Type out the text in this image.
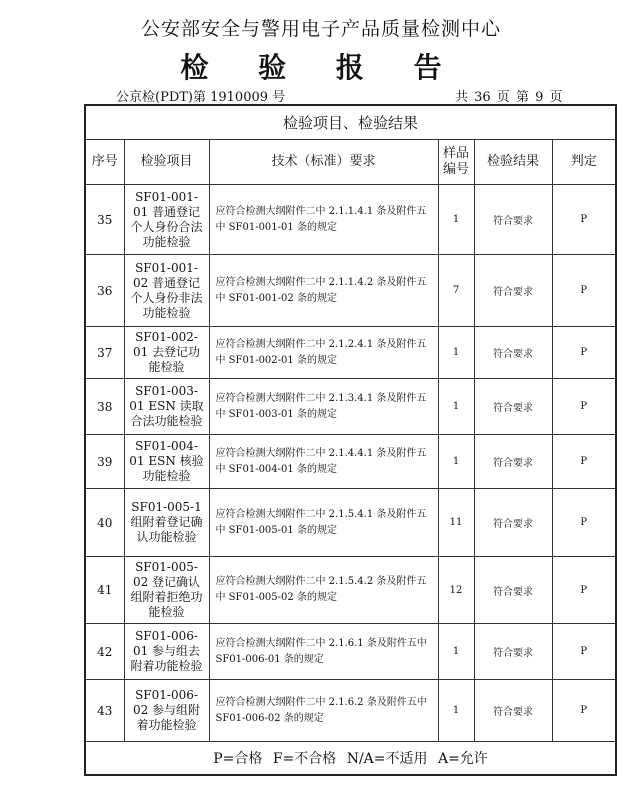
公安部安全与警用电子产品质量检测中心
检 验 报 告
公京检(PDT)第 1910009 号	共 36 页 第 9 页
检验项目、检验结果					
序号	检验项目	技术（标准）要求	样品编号	检验结果	判定
35	SF01-001-01 普通登记个人身份合法功能检验	应符合检测大纲附件二中 2.1.1.4.1 条及附件五中 SF01-001-01 条的规定	1	符合要求	P
36	SF01-001-02 普通登记个人身份非法功能检验	应符合检测大纲附件二中 2.1.1.4.2 条及附件五中 SF01-001-02 条的规定	7	符合要求	P
37	SF01-002-01 去登记功能检验	应符合检测大纲附件二中 2.1.2.4.1 条及附件五中 SF01-002-01 条的规定	1	符合要求	P
38	SF01-003-01 ESN 读取合法功能检验	应符合检测大纲附件二中 2.1.3.4.1 条及附件五中 SF01-003-01 条的规定	1	符合要求	P
39	SF01-004-01 ESN 核验功能检验	应符合检测大纲附件二中 2.1.4.4.1 条及附件五中 SF01-004-01 条的规定	1	符合要求	P
40	SF01-005-1 组附着登记确认功能检验	应符合检测大纲附件二中 2.1.5.4.1 条及附件五中 SF01-005-01 条的规定	11	符合要求	P
41	SF01-005-02 登记确认组附着拒绝功能检验	应符合检测大纲附件二中 2.1.5.4.2 条及附件五中 SF01-005-02 条的规定	12	符合要求	P
42	SF01-006-01 参与组去附着功能检验	应符合检测大纲附件二中 2.1.6.1 条及附件五中 SF01-006-01 条的规定	1	符合要求	P
43	SF01-006-02 参与组附着功能检验	应符合检测大纲附件二中 2.1.6.2 条及附件五中 SF01-006-02 条的规定	1	符合要求	P
P=合格 F=不合格 N/A=不适用 A=允许					
